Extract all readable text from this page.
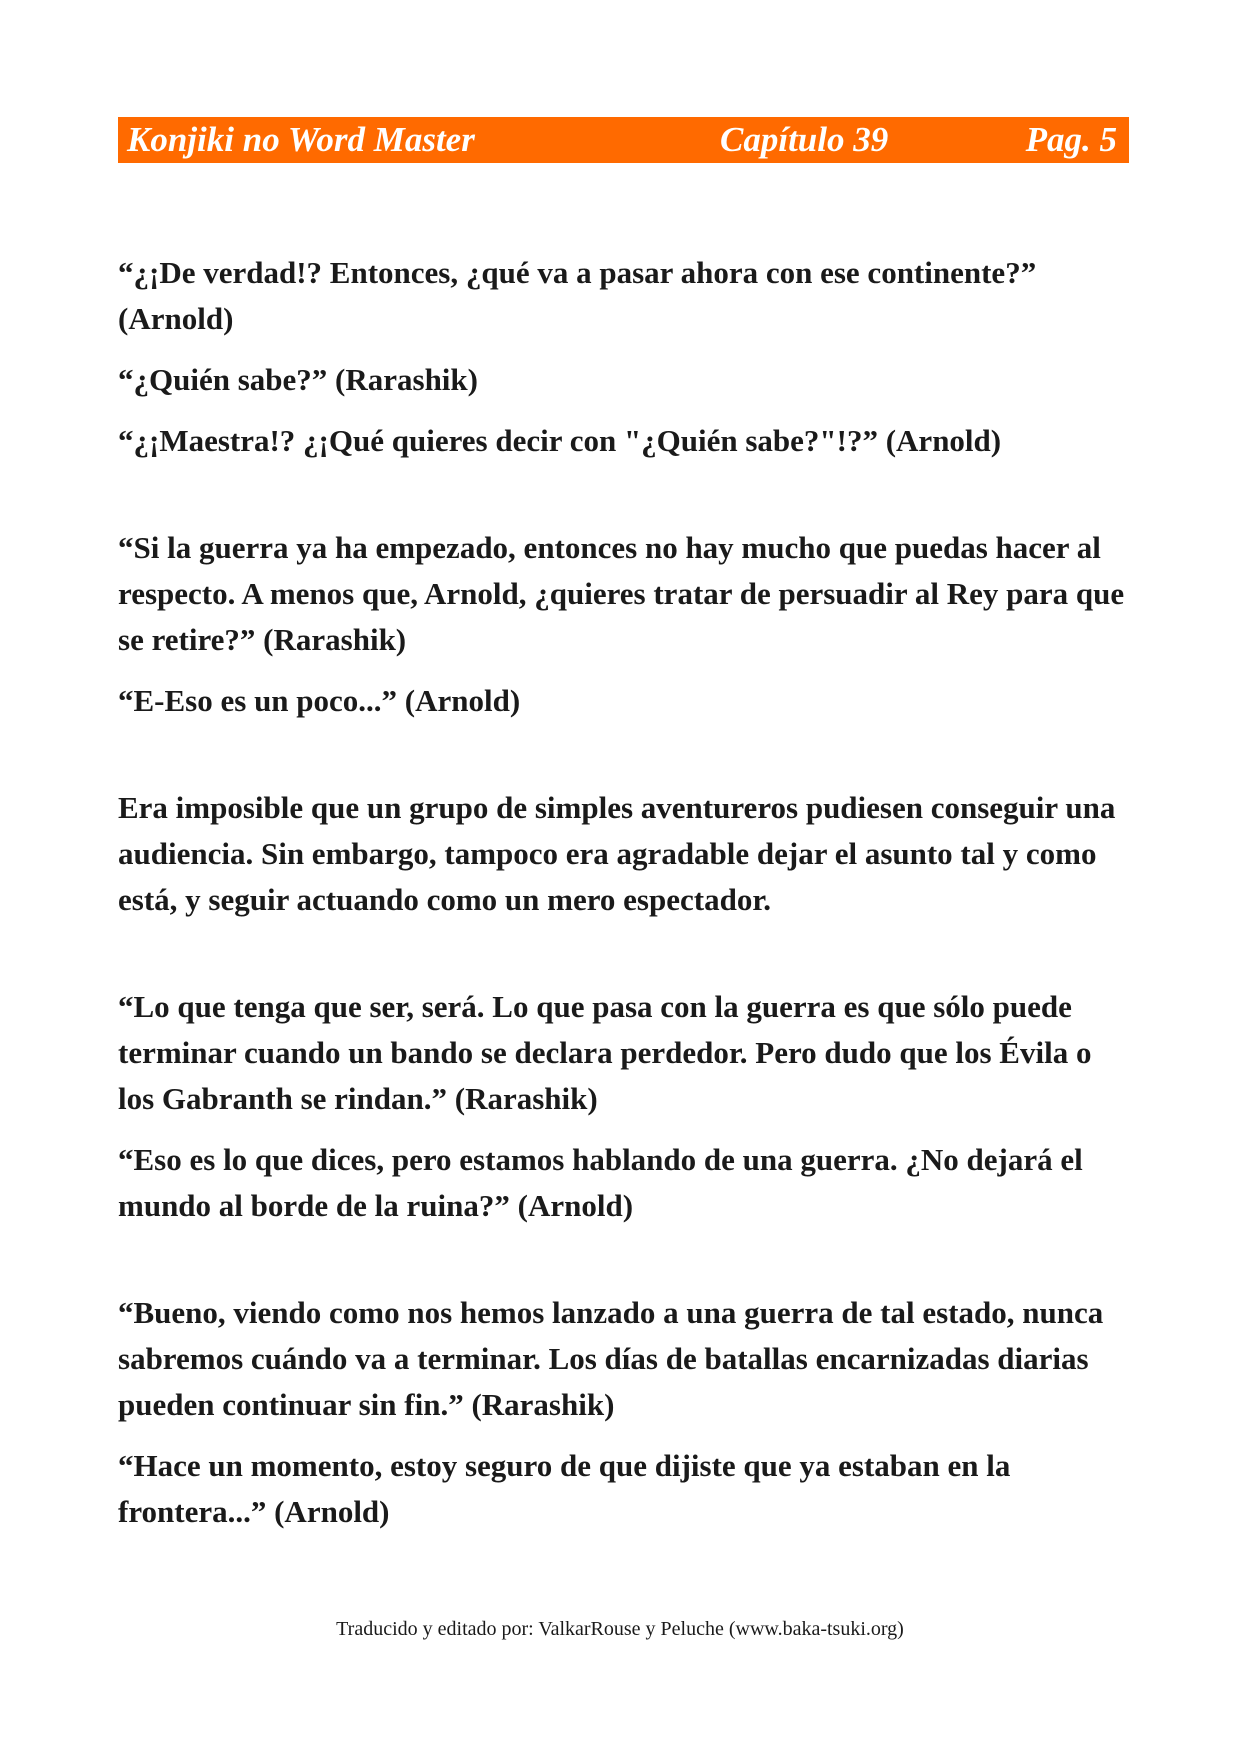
Konjiki no Word Master	Capítulo 39	Pag. 5

“¿¡De verdad!? Entonces, ¿qué va a pasar ahora con ese continente?” (Arnold)

“¿Quién sabe?” (Rarashik)

“¿¡Maestra!? ¿¡Qué quieres decir con "¿Quién sabe?"!?” (Arnold)

“Si la guerra ya ha empezado, entonces no hay mucho que puedas hacer al respecto. A menos que, Arnold, ¿quieres tratar de persuadir al Rey para que se retire?” (Rarashik)

“E-Eso es un poco...” (Arnold)

Era imposible que un grupo de simples aventureros pudiesen conseguir una audiencia. Sin embargo, tampoco era agradable dejar el asunto tal y como está, y seguir actuando como un mero espectador.

“Lo que tenga que ser, será. Lo que pasa con la guerra es que sólo puede terminar cuando un bando se declara perdedor. Pero dudo que los Évila o los Gabranth se rindan.” (Rarashik)

“Eso es lo que dices, pero estamos hablando de una guerra. ¿No dejará el mundo al borde de la ruina?” (Arnold)

“Bueno, viendo como nos hemos lanzado a una guerra de tal estado, nunca sabremos cuándo va a terminar. Los días de batallas encarnizadas diarias pueden continuar sin fin.” (Rarashik)

“Hace un momento, estoy seguro de que dijiste que ya estaban en la frontera...” (Arnold)

Traducido y editado por: ValkarRouse y Peluche (www.baka-tsuki.org)
